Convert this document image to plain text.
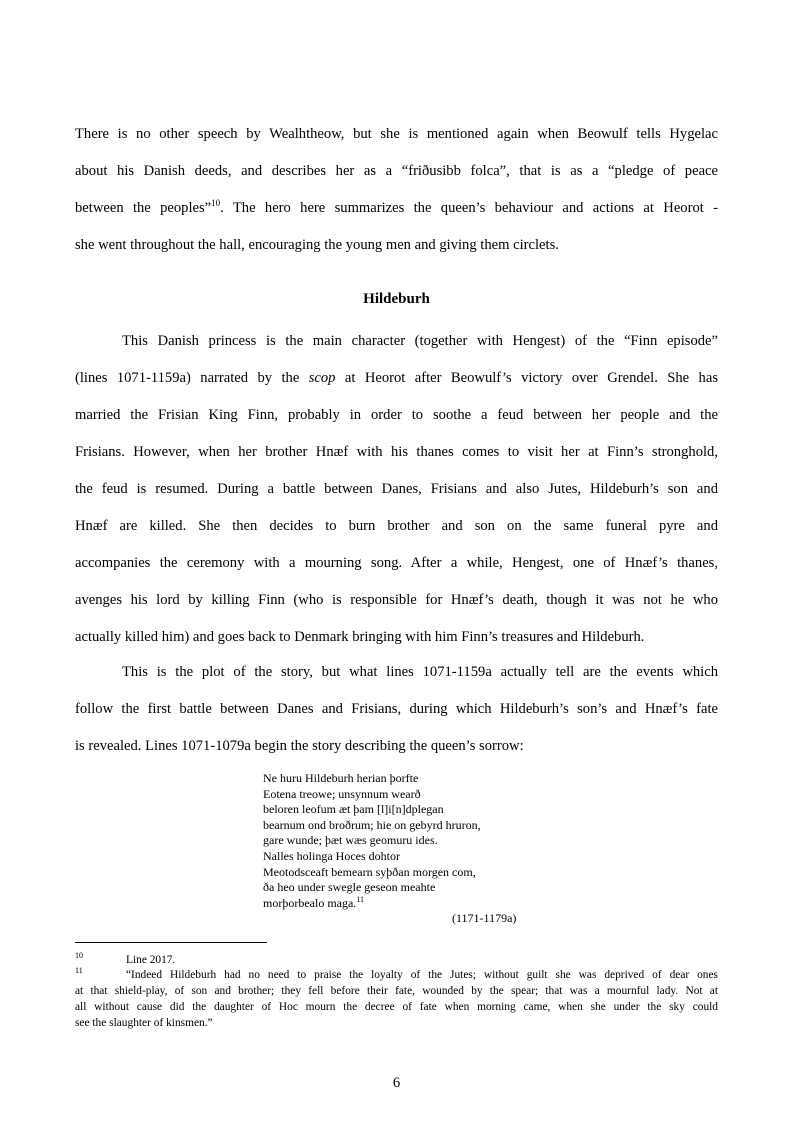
There is no other speech by Wealhtheow, but she is mentioned again when Beowulf tells Hygelac
about his Danish deeds, and describes her as a “friðusibb folca”, that is as a “pledge of peace
between the peoples”$^{10}$. The hero here summarizes the queen’s behaviour and actions at Heorot -
she went throughout the hall, encouraging the young men and giving them circlets.

Hildeburh

This Danish princess is the main character (together with Hengest) of the “Finn episode”
(lines 1071-1159a) narrated by the scop at Heorot after Beowulf’s victory over Grendel. She has
married the Frisian King Finn, probably in order to soothe a feud between her people and the
Frisians. However, when her brother Hnæf with his thanes comes to visit her at Finn’s stronghold,
the feud is resumed. During a battle between Danes, Frisians and also Jutes, Hildeburh’s son and
Hnæf are killed. She then decides to burn brother and son on the same funeral pyre and
accompanies the ceremony with a mourning song. After a while, Hengest, one of Hnæf’s thanes,
avenges his lord by killing Finn (who is responsible for Hnæf’s death, though it was not he who
actually killed him) and goes back to Denmark bringing with him Finn’s treasures and Hildeburh.

This is the plot of the story, but what lines 1071-1159a actually tell are the events which
follow the first battle between Danes and Frisians, during which Hildeburh’s son’s and Hnæf’s fate
is revealed. Lines 1071-1079a begin the story describing the queen’s sorrow:

Ne huru Hildeburh herian þorfte
Eotena treowe; unsynnum wearð
beloren leofum æt þam [l]i[n]dplegan
bearnum ond broðrum; hie on gebyrd hruron,
gare wunde; þæt wæs geomuru ides.
Nalles holinga Hoces dohtor
Meotodsceaft bemearn syþðan morgen com,
ða heo under swegle geseon meahte
morþorbealo maga.$^{11}$
(1171-1179a)
10	Line 2017.
11	“Indeed Hildeburh had no need to praise the loyalty of the Jutes; without guilt she was deprived of dear ones
at that shield-play, of son and brother; they fell before their fate, wounded by the spear; that was a mournful lady. Not at
all without cause did the daughter of Hoc mourn the decree of fate when morning came, when she under the sky could
see the slaughter of kinsmen.”
6
